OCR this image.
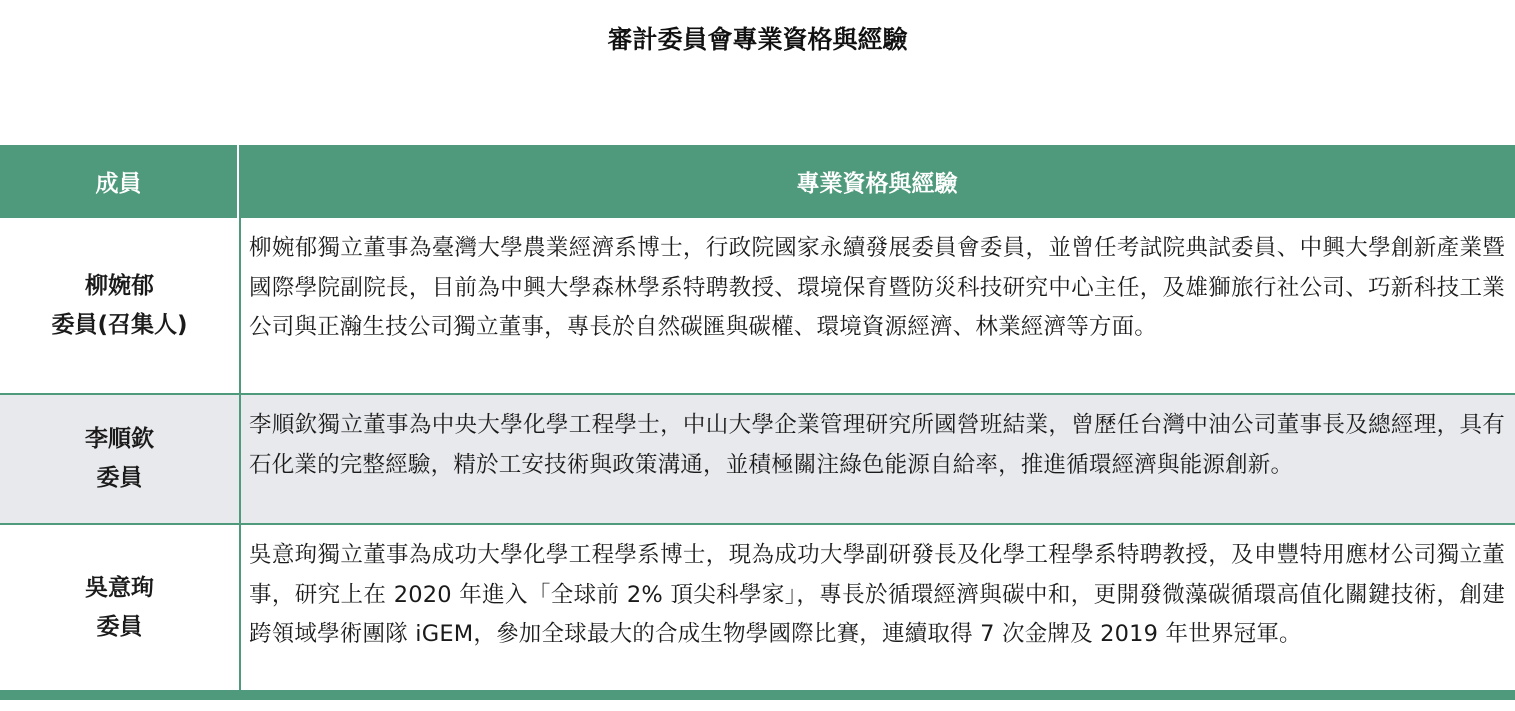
審計委員會專業資格與經驗
成員	專業資格與經驗
柳婉郁
委員(召集人)
柳婉郁獨立董事為臺灣大學農業經濟系博士，行政院國家永續發展委員會委員，並曾任考試院典試委員、中興大學創新產業暨國際學院副院長，目前為中興大學森林學系特聘教授、環境保育暨防災科技研究中心主任，及雄獅旅行社公司、巧新科技工業公司與正瀚生技公司獨立董事，專長於自然碳匯與碳權、環境資源經濟、林業經濟等方面。
李順欽
委員
李順欽獨立董事為中央大學化學工程學士，中山大學企業管理研究所國營班結業，曾歷任台灣中油公司董事長及總經理，具有石化業的完整經驗，精於工安技術與政策溝通，並積極關注綠色能源自給率，推進循環經濟與能源創新。
吳意珣
委員
吳意珣獨立董事為成功大學化學工程學系博士，現為成功大學副研發長及化學工程學系特聘教授，及申豐特用應材公司獨立董事，研究上在 2020 年進入「全球前 2% 頂尖科學家」，專長於循環經濟與碳中和，更開發微藻碳循環高值化關鍵技術，創建跨領域學術團隊 iGEM，參加全球最大的合成生物學國際比賽，連續取得 7 次金牌及 2019 年世界冠軍。
